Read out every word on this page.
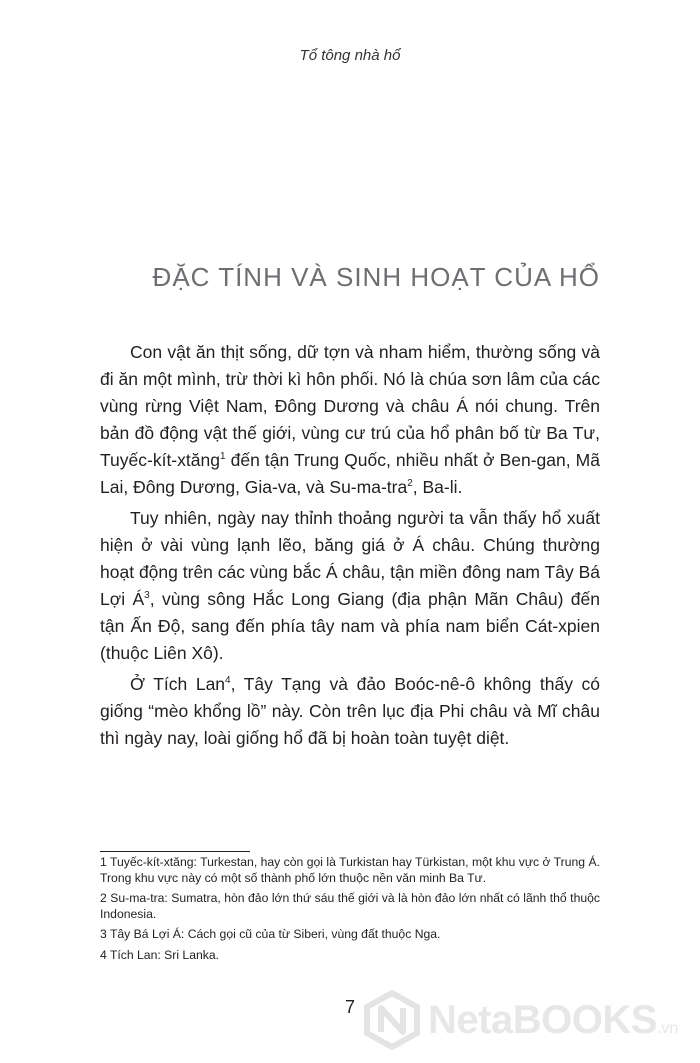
Tổ tông nhà hổ
ĐẶC TÍNH VÀ SINH HOẠT CỦA HỔ

Con vật ăn thịt sống, dữ tợn và nham hiểm, thường sống và đi ăn một mình, trừ thời kì hôn phối. Nó là chúa sơn lâm của các vùng rừng Việt Nam, Đông Dương và châu Á nói chung. Trên bản đồ động vật thế giới, vùng cư trú của hổ phân bố từ Ba Tư, Tuyếc-kít-xtăng$^1$ đến tận Trung Quốc, nhiều nhất ở Ben-gan, Mã Lai, Đông Dương, Gia-va, và Su-ma-tra$^2$, Ba-li.

Tuy nhiên, ngày nay thỉnh thoảng người ta vẫn thấy hổ xuất hiện ở vài vùng lạnh lẽo, băng giá ở Á châu. Chúng thường hoạt động trên các vùng bắc Á châu, tận miền đông nam Tây Bá Lợi $Á^3$, vùng sông Hắc Long Giang (địa phận Mãn Châu) đến tận Ấn Độ, sang đến phía tây nam và phía nam biển Cát-xpien (thuộc Liên Xô).

Ở Tích Lan$^4$, Tây Tạng và đảo Boóc-nê-ô không thấy có giống “mèo khổng lồ” này. Còn trên lục địa Phi châu và Mĩ châu thì ngày nay, loài giống hổ đã bị hoàn toàn tuyệt diệt.

1 Tuyếc-kít-xtăng: Turkestan, hay còn gọi là Turkistan hay Türkistan, một khu vực ở Trung Á. Trong khu vực này có một số thành phố lớn thuộc nền văn minh Ba Tư.
2 Su-ma-tra: Sumatra, hòn đảo lớn thứ sáu thế giới và là hòn đảo lớn nhất có lãnh thổ thuộc Indonesia.
3 Tây Bá Lợi Á: Cách gọi cũ của từ Siberi, vùng đất thuộc Nga.
4 Tích Lan: Sri Lanka.
7	NetaBOOKS.vn
